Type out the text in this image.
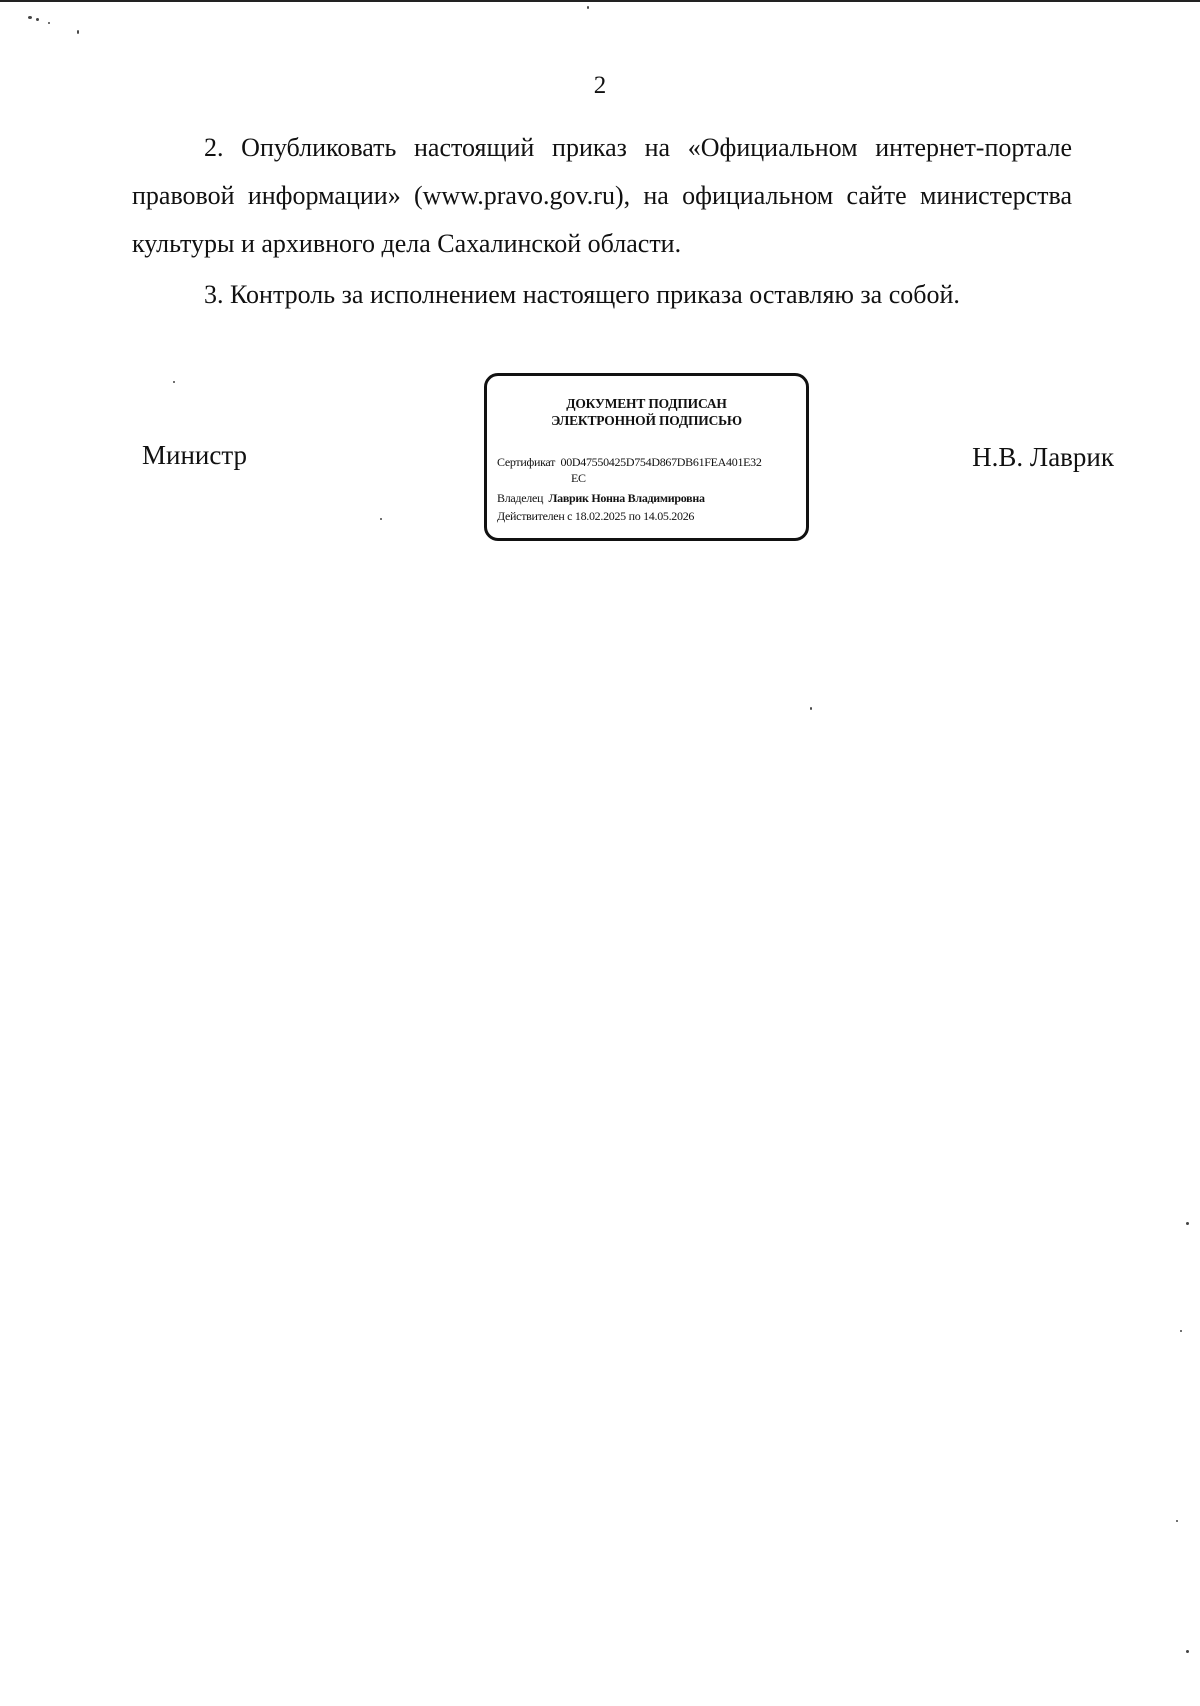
2

2. Опубликовать настоящий приказ на «Официальном интернет-портале правовой информации» (www.pravo.gov.ru), на официальном сайте министерства культуры и архивного дела Сахалинской области.

3. Контроль за исполнением настоящего приказа оставляю за собой.

Министр
ДОКУМЕНТ ПОДПИСАН
ЭЛЕКТРОННОЙ ПОДПИСЬЮ
Сертификат 00D47550425D754D867DB61FEA401E32
EC
Владелец Лаврик Нонна Владимировна
Действителен с 18.02.2025 по 14.05.2026
Н.В. Лаврик
